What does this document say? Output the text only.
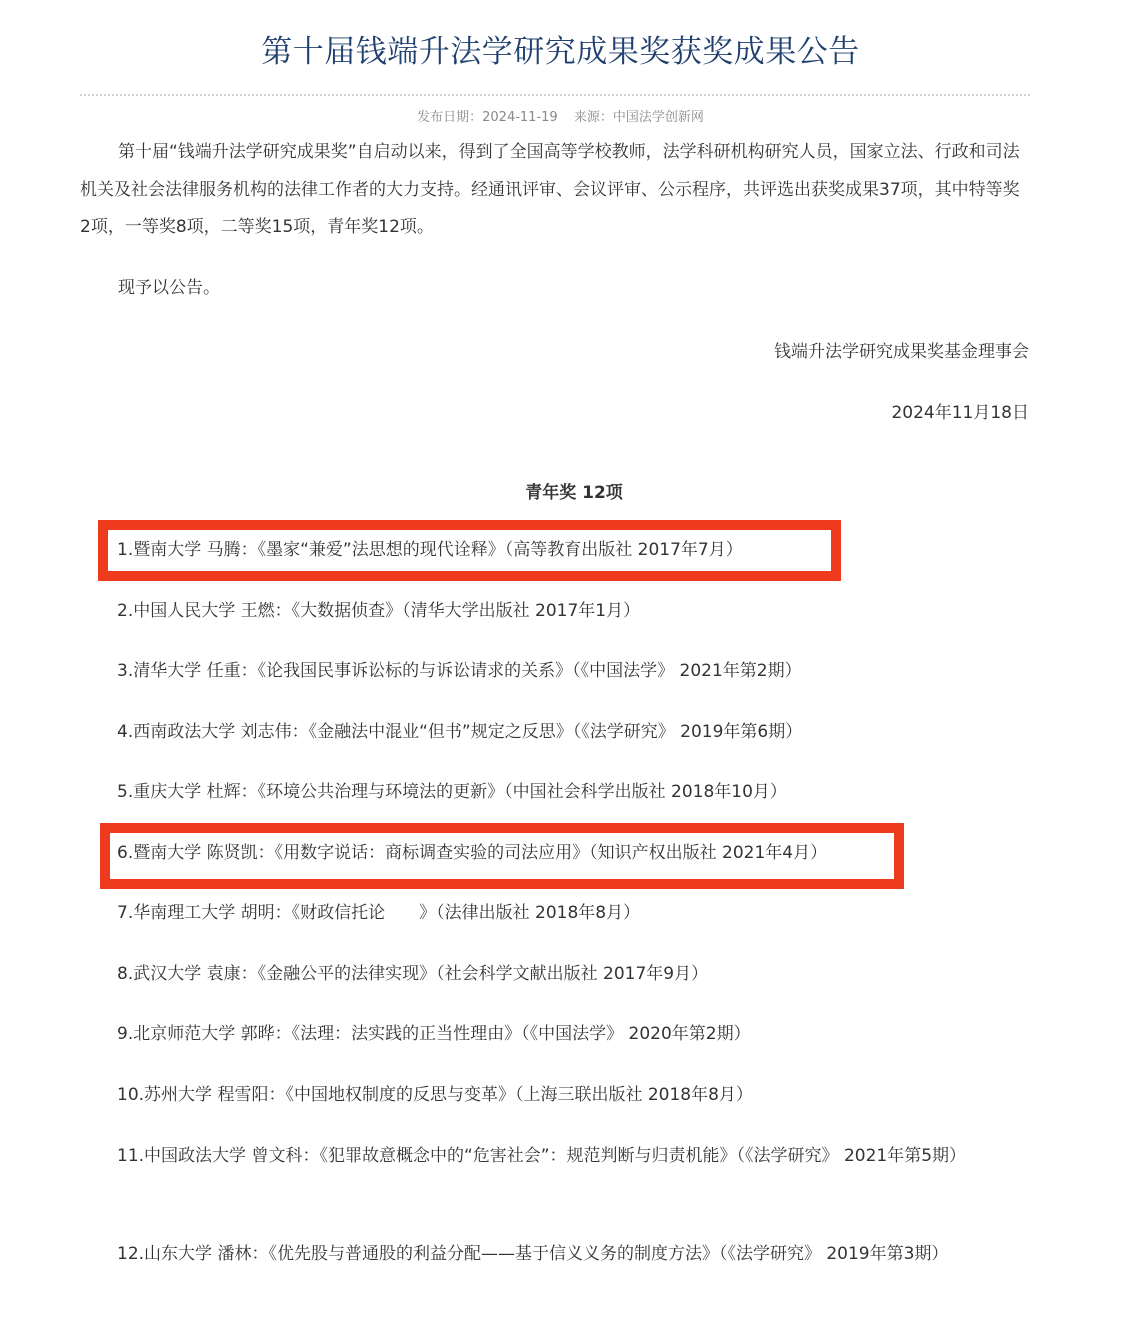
第十届钱端升法学研究成果奖获奖成果公告
发布日期：2024-11-19 来源：中国法学创新网

第十届“钱端升法学研究成果奖”自启动以来，得到了全国高等学校教师，法学科研机构研究人员，国家立法、行政和司法机关及社会法律服务机构的法律工作者的大力支持。经通讯评审、会议评审、公示程序，共评选出获奖成果37项，其中特等奖2项，一等奖8项，二等奖15项，青年奖12项。

现予以公告。

钱端升法学研究成果奖基金理事会
2024年11月18日
青年奖 12项
1.暨南大学 马腾：《墨家“兼爱”法思想的现代诠释》（高等教育出版社 2017年7月）
2.中国人民大学 王燃：《大数据侦查》（清华大学出版社 2017年1月）
3.清华大学 任重：《论我国民事诉讼标的与诉讼请求的关系》（《中国法学》 2021年第2期）
4.西南政法大学 刘志伟：《金融法中混业“但书”规定之反思》（《法学研究》 2019年第6期）
5.重庆大学 杜辉：《环境公共治理与环境法的更新》（中国社会科学出版社 2018年10月）
6.暨南大学 陈贤凯：《用数字说话：商标调查实验的司法应用》（知识产权出版社 2021年4月）
7.华南理工大学 胡明：《财政信托论　　》（法律出版社 2018年8月）
8.武汉大学 袁康：《金融公平的法律实现》（社会科学文献出版社 2017年9月）
9.北京师范大学 郭晔：《法理：法实践的正当性理由》（《中国法学》 2020年第2期）
10.苏州大学 程雪阳：《中国地权制度的反思与变革》（上海三联出版社 2018年8月）
11.中国政法大学 曾文科：《犯罪故意概念中的“危害社会”：规范判断与归责机能》（《法学研究》 2021年第5期）
12.山东大学 潘林：《优先股与普通股的利益分配——基于信义义务的制度方法》（《法学研究》 2019年第3期）
